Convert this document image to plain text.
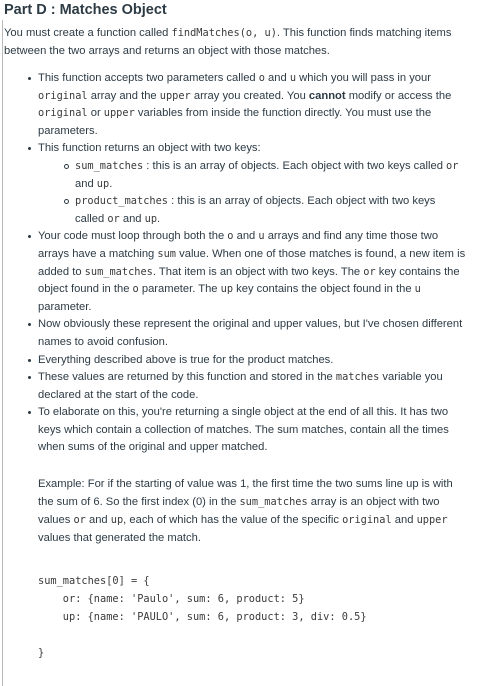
Part D : Matches Object

You must create a function called findMatches(o, u). This function finds matching items between the two arrays and returns an object with those matches.

This function accepts two parameters called o and u which you will pass in your original array and the upper array you created. You cannot modify or access the original or upper variables from inside the function directly. You must use the parameters.
This function returns an object with two keys:
sum_matches : this is an array of objects. Each object with two keys called or and up.
product_matches : this is an array of objects. Each object with two keys called or and up.
Your code must loop through both the o and u arrays and find any time those two arrays have a matching sum value. When one of those matches is found, a new item is added to sum_matches. That item is an object with two keys. The or key contains the object found in the o parameter. The up key contains the object found in the u parameter.
Now obviously these represent the original and upper values, but I've chosen different names to avoid confusion.
Everything described above is true for the product matches.
These values are returned by this function and stored in the matches variable you declared at the start of the code.
To elaborate on this, you're returning a single object at the end of all this. It has two keys which contain a collection of matches. The sum matches, contain all the times when sums of the original and upper matched.
Example: For if the starting of value was 1, the first time the two sums line up is with the sum of 6. So the first index (0) in the sum_matches array is an object with two values or and up, each of which has the value of the specific original and upper values that generated the match.
sum_matches[0] = {
or: {name: 'Paulo', sum: 6, product: 5}
up: {name: 'PAULO', sum: 6, product: 3, div: 0.5}
}
